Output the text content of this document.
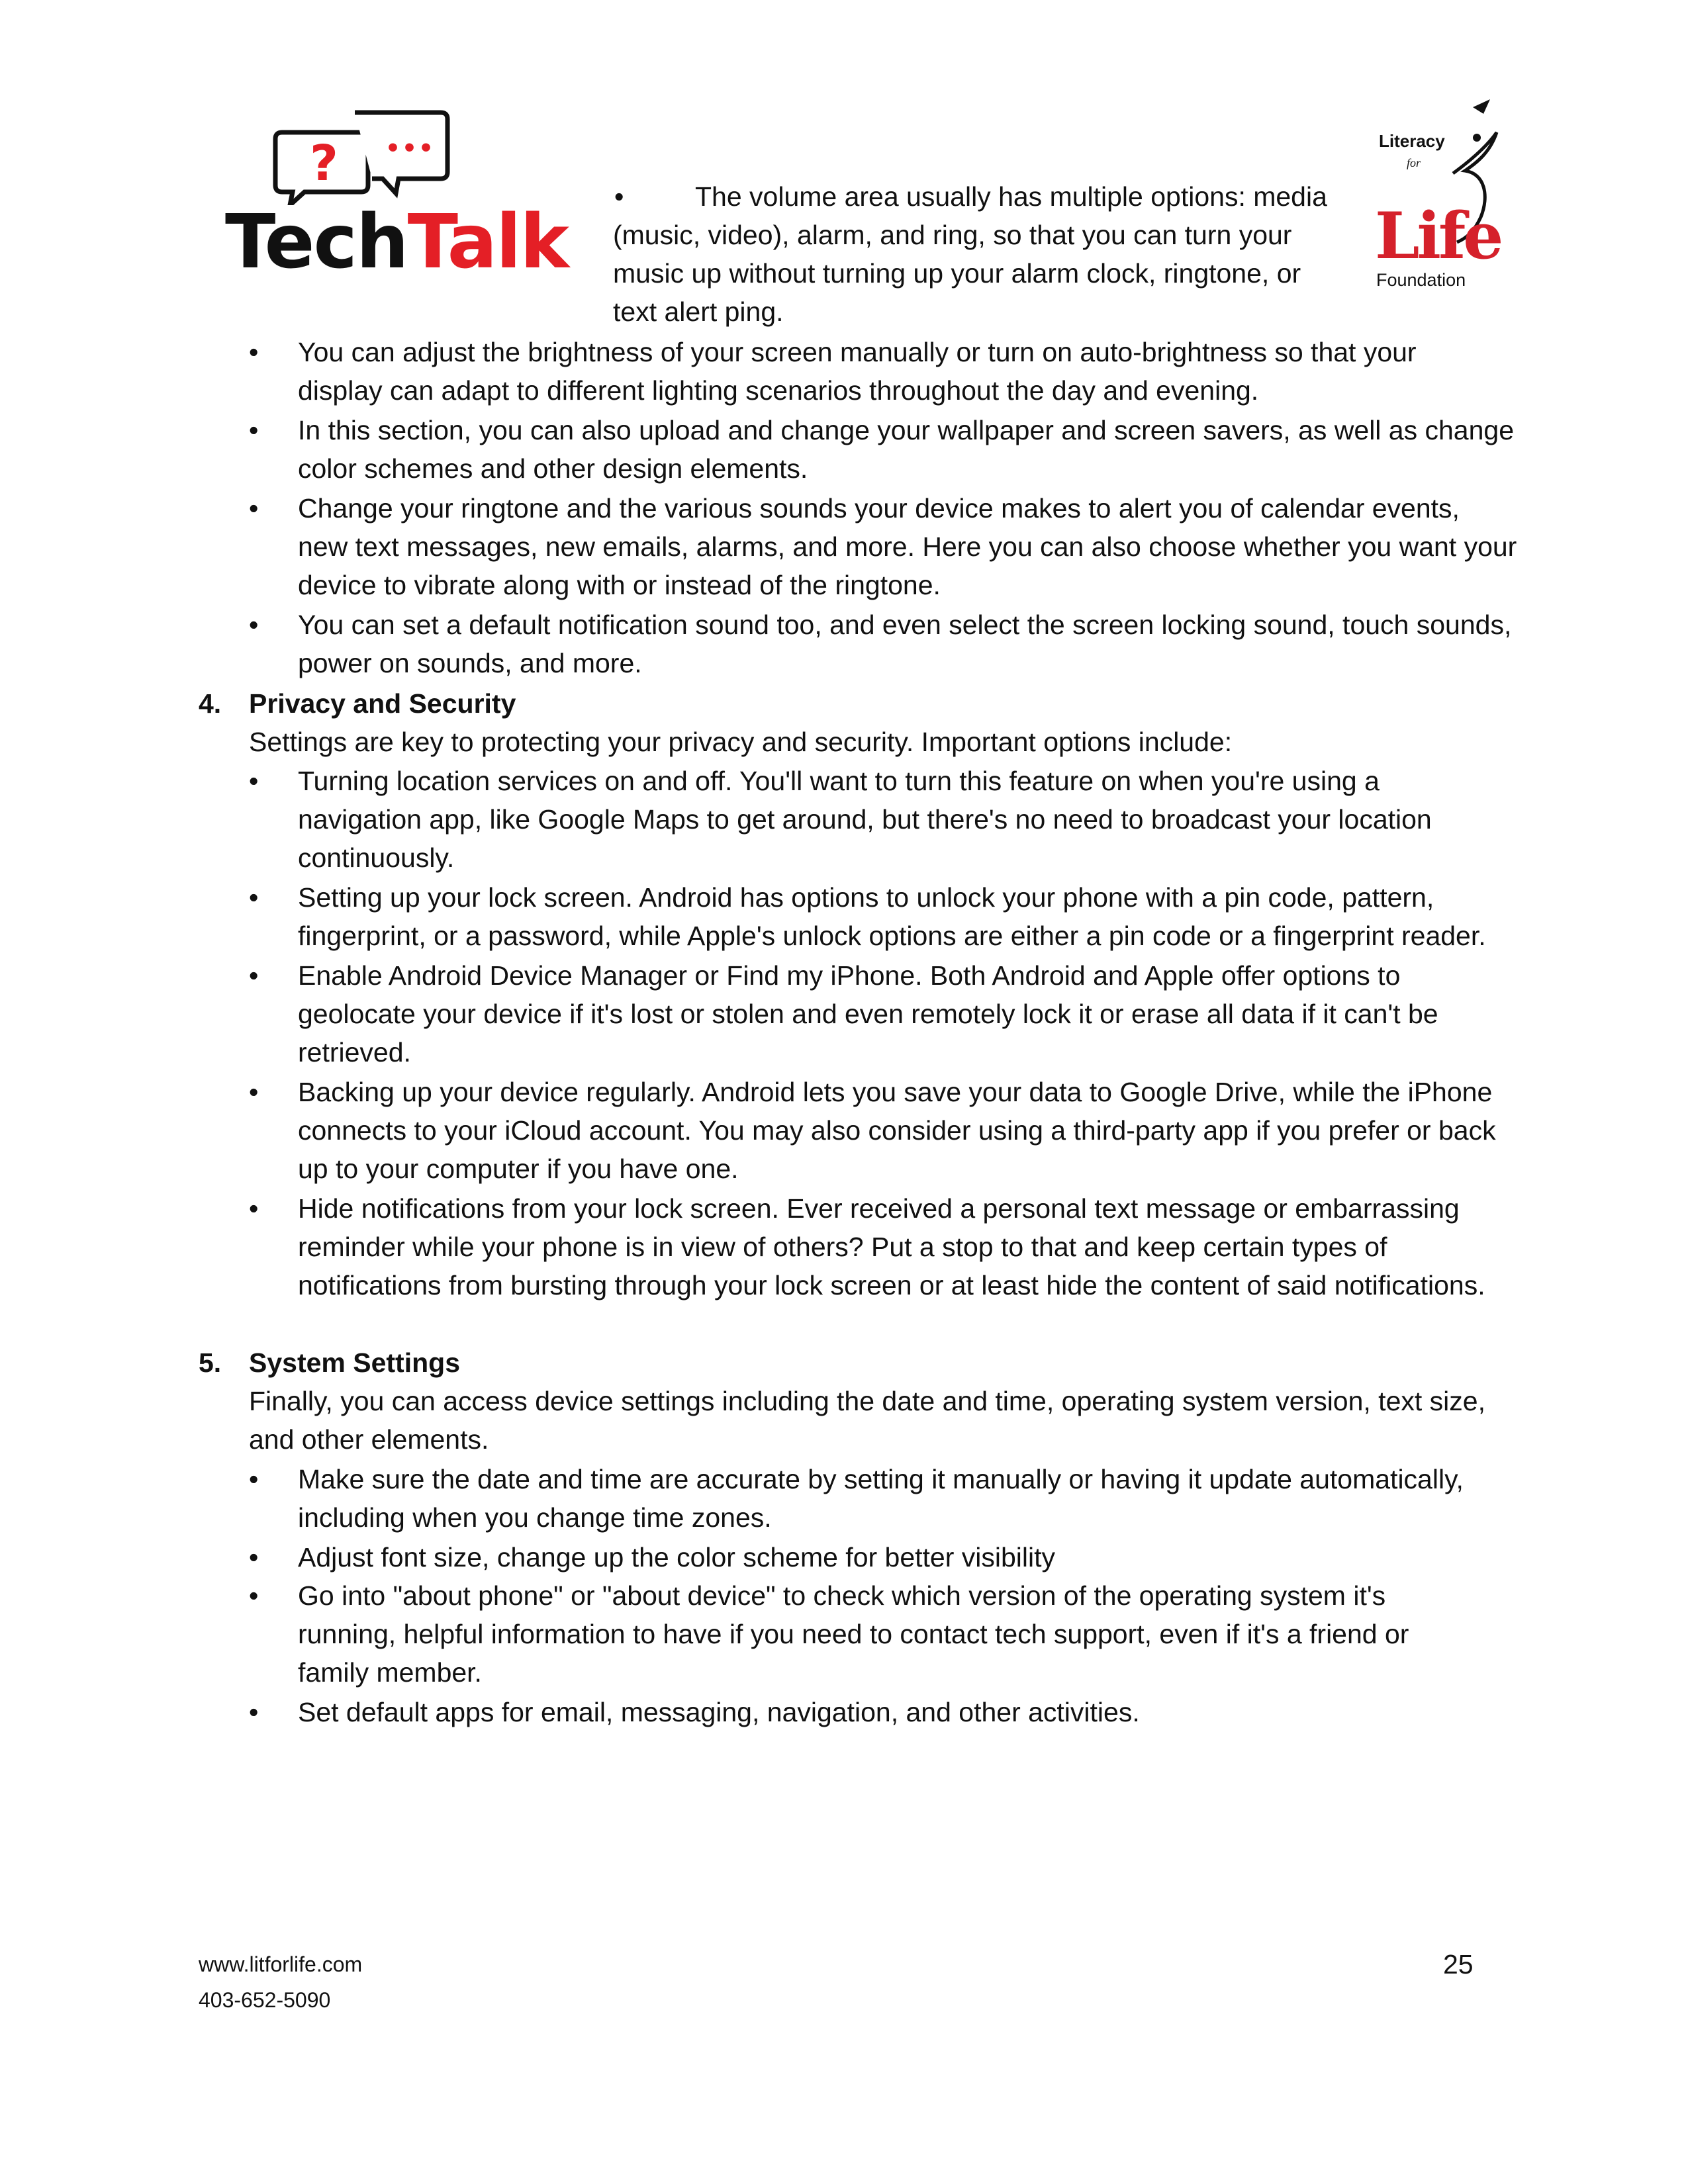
? •••
TechTalk
Literacy
for
Life
Foundation
•	The volume area usually has multiple options: media
(music, video), alarm, and ring, so that you can turn your
music up without turning up your alarm clock, ringtone, or
text alert ping.
• You can adjust the brightness of your screen manually or turn on auto-brightness so that your
display can adapt to different lighting scenarios throughout the day and evening.
• In this section, you can also upload and change your wallpaper and screen savers, as well as change
color schemes and other design elements.
• Change your ringtone and the various sounds your device makes to alert you of calendar events,
new text messages, new emails, alarms, and more. Here you can also choose whether you want your
device to vibrate along with or instead of the ringtone.
• You can set a default notification sound too, and even select the screen locking sound, touch sounds,
power on sounds, and more.
4. Privacy and Security
Settings are key to protecting your privacy and security. Important options include:
• Turning location services on and off. You'll want to turn this feature on when you're using a
navigation app, like Google Maps to get around, but there's no need to broadcast your location
continuously.
• Setting up your lock screen. Android has options to unlock your phone with a pin code, pattern,
fingerprint, or a password, while Apple's unlock options are either a pin code or a fingerprint reader.
• Enable Android Device Manager or Find my iPhone. Both Android and Apple offer options to
geolocate your device if it's lost or stolen and even remotely lock it or erase all data if it can't be
retrieved.
• Backing up your device regularly. Android lets you save your data to Google Drive, while the iPhone
connects to your iCloud account. You may also consider using a third-party app if you prefer or back
up to your computer if you have one.
• Hide notifications from your lock screen. Ever received a personal text message or embarrassing
reminder while your phone is in view of others? Put a stop to that and keep certain types of
notifications from bursting through your lock screen or at least hide the content of said notifications.
5. System Settings
Finally, you can access device settings including the date and time, operating system version, text size,
and other elements.
• Make sure the date and time are accurate by setting it manually or having it update automatically,
including when you change time zones.
• Adjust font size, change up the color scheme for better visibility
• Go into "about phone" or "about device" to check which version of the operating system it's
running, helpful information to have if you need to contact tech support, even if it's a friend or
family member.
• Set default apps for email, messaging, navigation, and other activities.
www.litforlife.com
403-652-5090
25
